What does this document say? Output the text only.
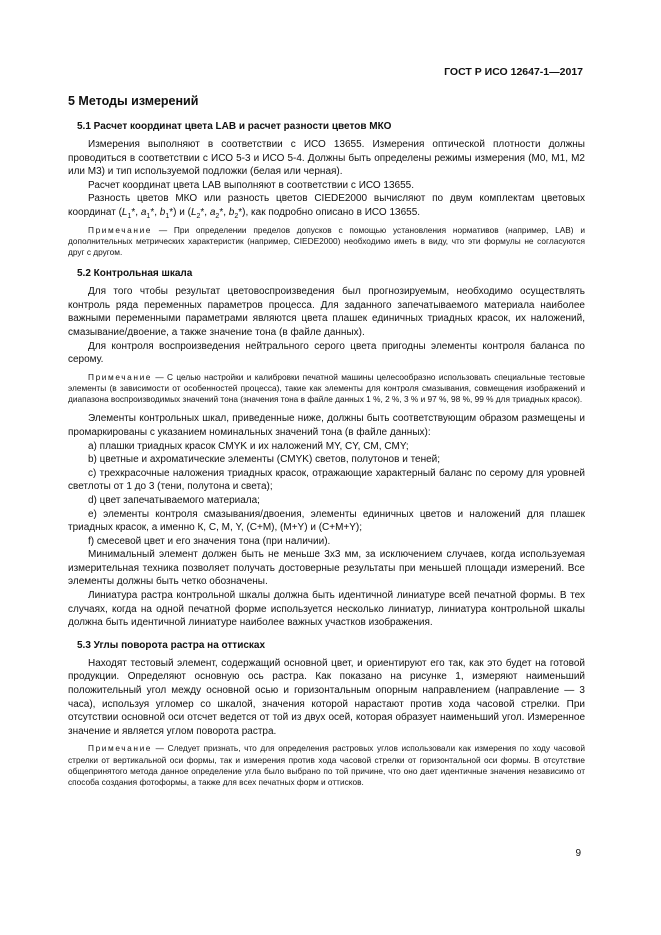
ГОСТ Р ИСО 12647-1—2017
5 Методы измерений
5.1 Расчет координат цвета LAB и расчет разности цветов МКО

Измерения выполняют в соответствии с ИСО 13655. Измерения оптической плотности должны проводиться в соответствии с ИСО 5-3 и ИСО 5-4. Должны быть определены режимы измерения (М0, М1, М2 или М3) и тип используемой подложки (белая или черная).

Расчет координат цвета LAB выполняют в соответствии с ИСО 13655.

Разность цветов МКО или разность цветов CIEDE2000 вычисляют по двум комплектам цветовых координат ($L_1*$, $a_1*$, $b_1*$) и ($L_2*$, $a_2*$, $b_2*$), как подробно описано в ИСО 13655.

Примечание — При определении пределов допусков с помощью установления нормативов (например, LAB) и дополнительных метрических характеристик (например, CIEDE2000) необходимо иметь в виду, что эти формулы не согласуются друг с другом.

5.2 Контрольная шкала

Для того чтобы результат цветовоспроизведения был прогнозируемым, необходимо осуществлять контроль ряда переменных параметров процесса. Для заданного запечатываемого материала наиболее важными переменными параметрами являются цвета плашек единичных триадных красок, их наложений, смазывание/двоение, а также значение тона (в файле данных).

Для контроля воспроизведения нейтрального серого цвета пригодны элементы контроля баланса по серому.

Примечание — С целью настройки и калибровки печатной машины целесообразно использовать специальные тестовые элементы (в зависимости от особенностей процесса), такие как элементы для контроля смазывания, совмещения изображений и диапазона воспроизводимых значений тона (значения тона в файле данных 1 %, 2 %, 3 % и 97 %, 98 %, 99 % для триадных красок).

Элементы контрольных шкал, приведенные ниже, должны быть соответствующим образом размещены и промаркированы с указанием номинальных значений тона (в файле данных):

а) плашки триадных красок CMYK и их наложений MY, CY, CM, CMY;

b) цветные и ахроматические элементы (CMYK) светов, полутонов и теней;

c) трехкрасочные наложения триадных красок, отражающие характерный баланс по серому для уровней светлоты от 1 до 3 (тени, полутона и света);

d) цвет запечатываемого материала;

e) элементы контроля смазывания/двоения, элементы единичных цветов и наложений для плашек триадных красок, а именно К, С, М, Y, (С+М), (М+Y) и (С+М+Y);

f) смесевой цвет и его значения тона (при наличии).

Минимальный элемент должен быть не меньше 3х3 мм, за исключением случаев, когда используемая измерительная техника позволяет получать достоверные результаты при меньшей площади измерений. Все элементы должны быть четко обозначены.

Линиатура растра контрольной шкалы должна быть идентичной линиатуре всей печатной формы. В тех случаях, когда на одной печатной форме используется несколько линиатур, линиатура контрольной шкалы должна быть идентичной линиатуре наиболее важных участков изображения.

5.3 Углы поворота растра на оттисках

Находят тестовый элемент, содержащий основной цвет, и ориентируют его так, как это будет на готовой продукции. Определяют основную ось растра. Как показано на рисунке 1, измеряют наименьший положительный угол между основной осью и горизонтальным опорным направлением (направление — 3 часа), используя угломер со шкалой, значения которой нарастают против хода часовой стрелки. При отсутствии основной оси отсчет ведется от той из двух осей, которая образует наименьший угол. Измеренное значение и является углом поворота растра.

Примечание — Следует признать, что для определения растровых углов использовали как измерения по ходу часовой стрелки от вертикальной оси формы, так и измерения против хода часовой стрелки от горизонтальной оси формы. В отсутствие общепринятого метода данное определение угла было выбрано по той причине, что оно дает идентичные значения независимо от способа создания фотоформы, а также для всех печатных форм и оттисков.

9
